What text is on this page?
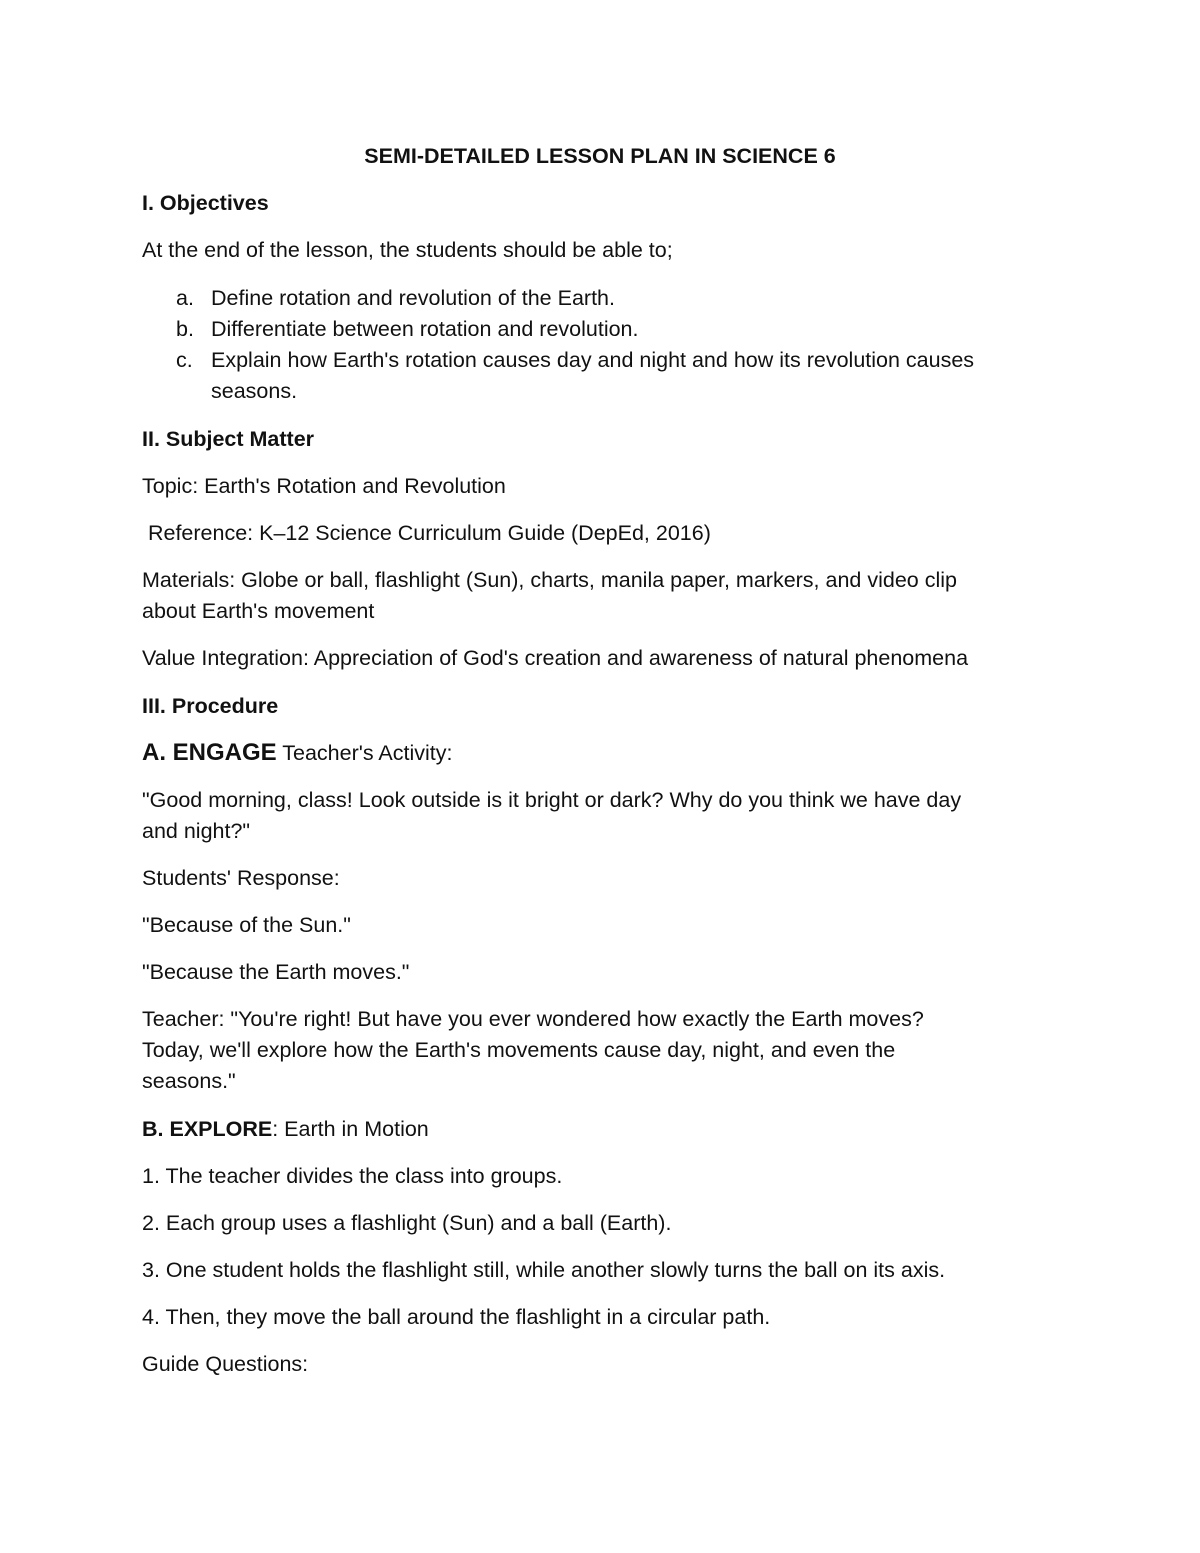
SEMI-DETAILED LESSON PLAN IN SCIENCE 6
I. Objectives
At the end of the lesson, the students should be able to;
a. Define rotation and revolution of the Earth.
b. Differentiate between rotation and revolution.
c. Explain how Earth's rotation causes day and night and how its revolution causes
seasons.
II. Subject Matter
Topic: Earth's Rotation and Revolution
Reference: K–12 Science Curriculum Guide (DepEd, 2016)
Materials: Globe or ball, flashlight (Sun), charts, manila paper, markers, and video clip
about Earth's movement
Value Integration: Appreciation of God's creation and awareness of natural phenomena
III. Procedure
A. ENGAGE Teacher's Activity:
"Good morning, class! Look outside is it bright or dark? Why do you think we have day
and night?"
Students' Response:
"Because of the Sun."
"Because the Earth moves."
Teacher: "You're right! But have you ever wondered how exactly the Earth moves?
Today, we'll explore how the Earth's movements cause day, night, and even the
seasons."
B. EXPLORE: Earth in Motion
1. The teacher divides the class into groups.
2. Each group uses a flashlight (Sun) and a ball (Earth).
3. One student holds the flashlight still, while another slowly turns the ball on its axis.
4. Then, they move the ball around the flashlight in a circular path.
Guide Questions:
